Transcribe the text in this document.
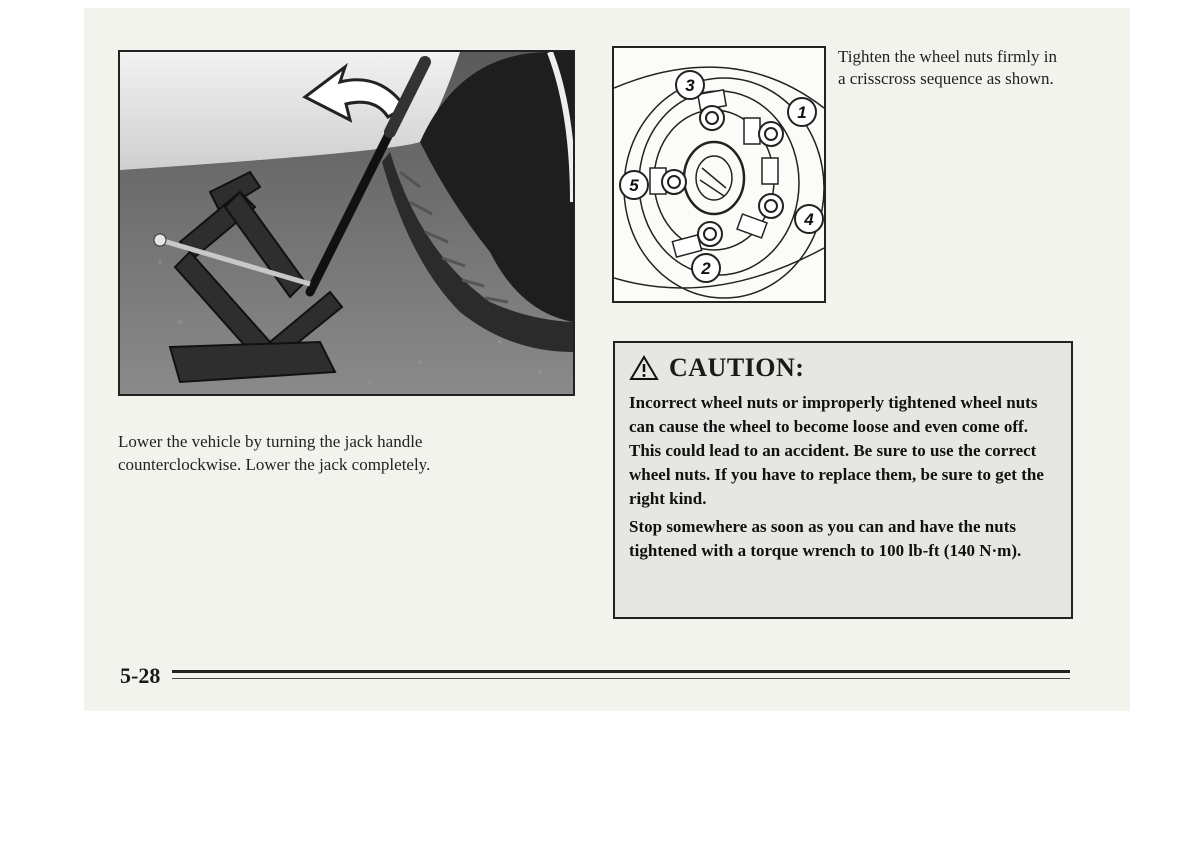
3
1
5
4
2
Tighten the wheel nuts firmly in a crisscross sequence as shown.
Lower the vehicle by turning the jack handle counterclockwise. Lower the jack completely.
CAUTION:

Incorrect wheel nuts or improperly tightened wheel nuts can cause the wheel to become loose and even come off. This could lead to an accident. Be sure to use the correct wheel nuts. If you have to replace them, be sure to get the right kind.

Stop somewhere as soon as you can and have the nuts tightened with a torque wrench to 100 lb-ft (140 N·m).

5-28
